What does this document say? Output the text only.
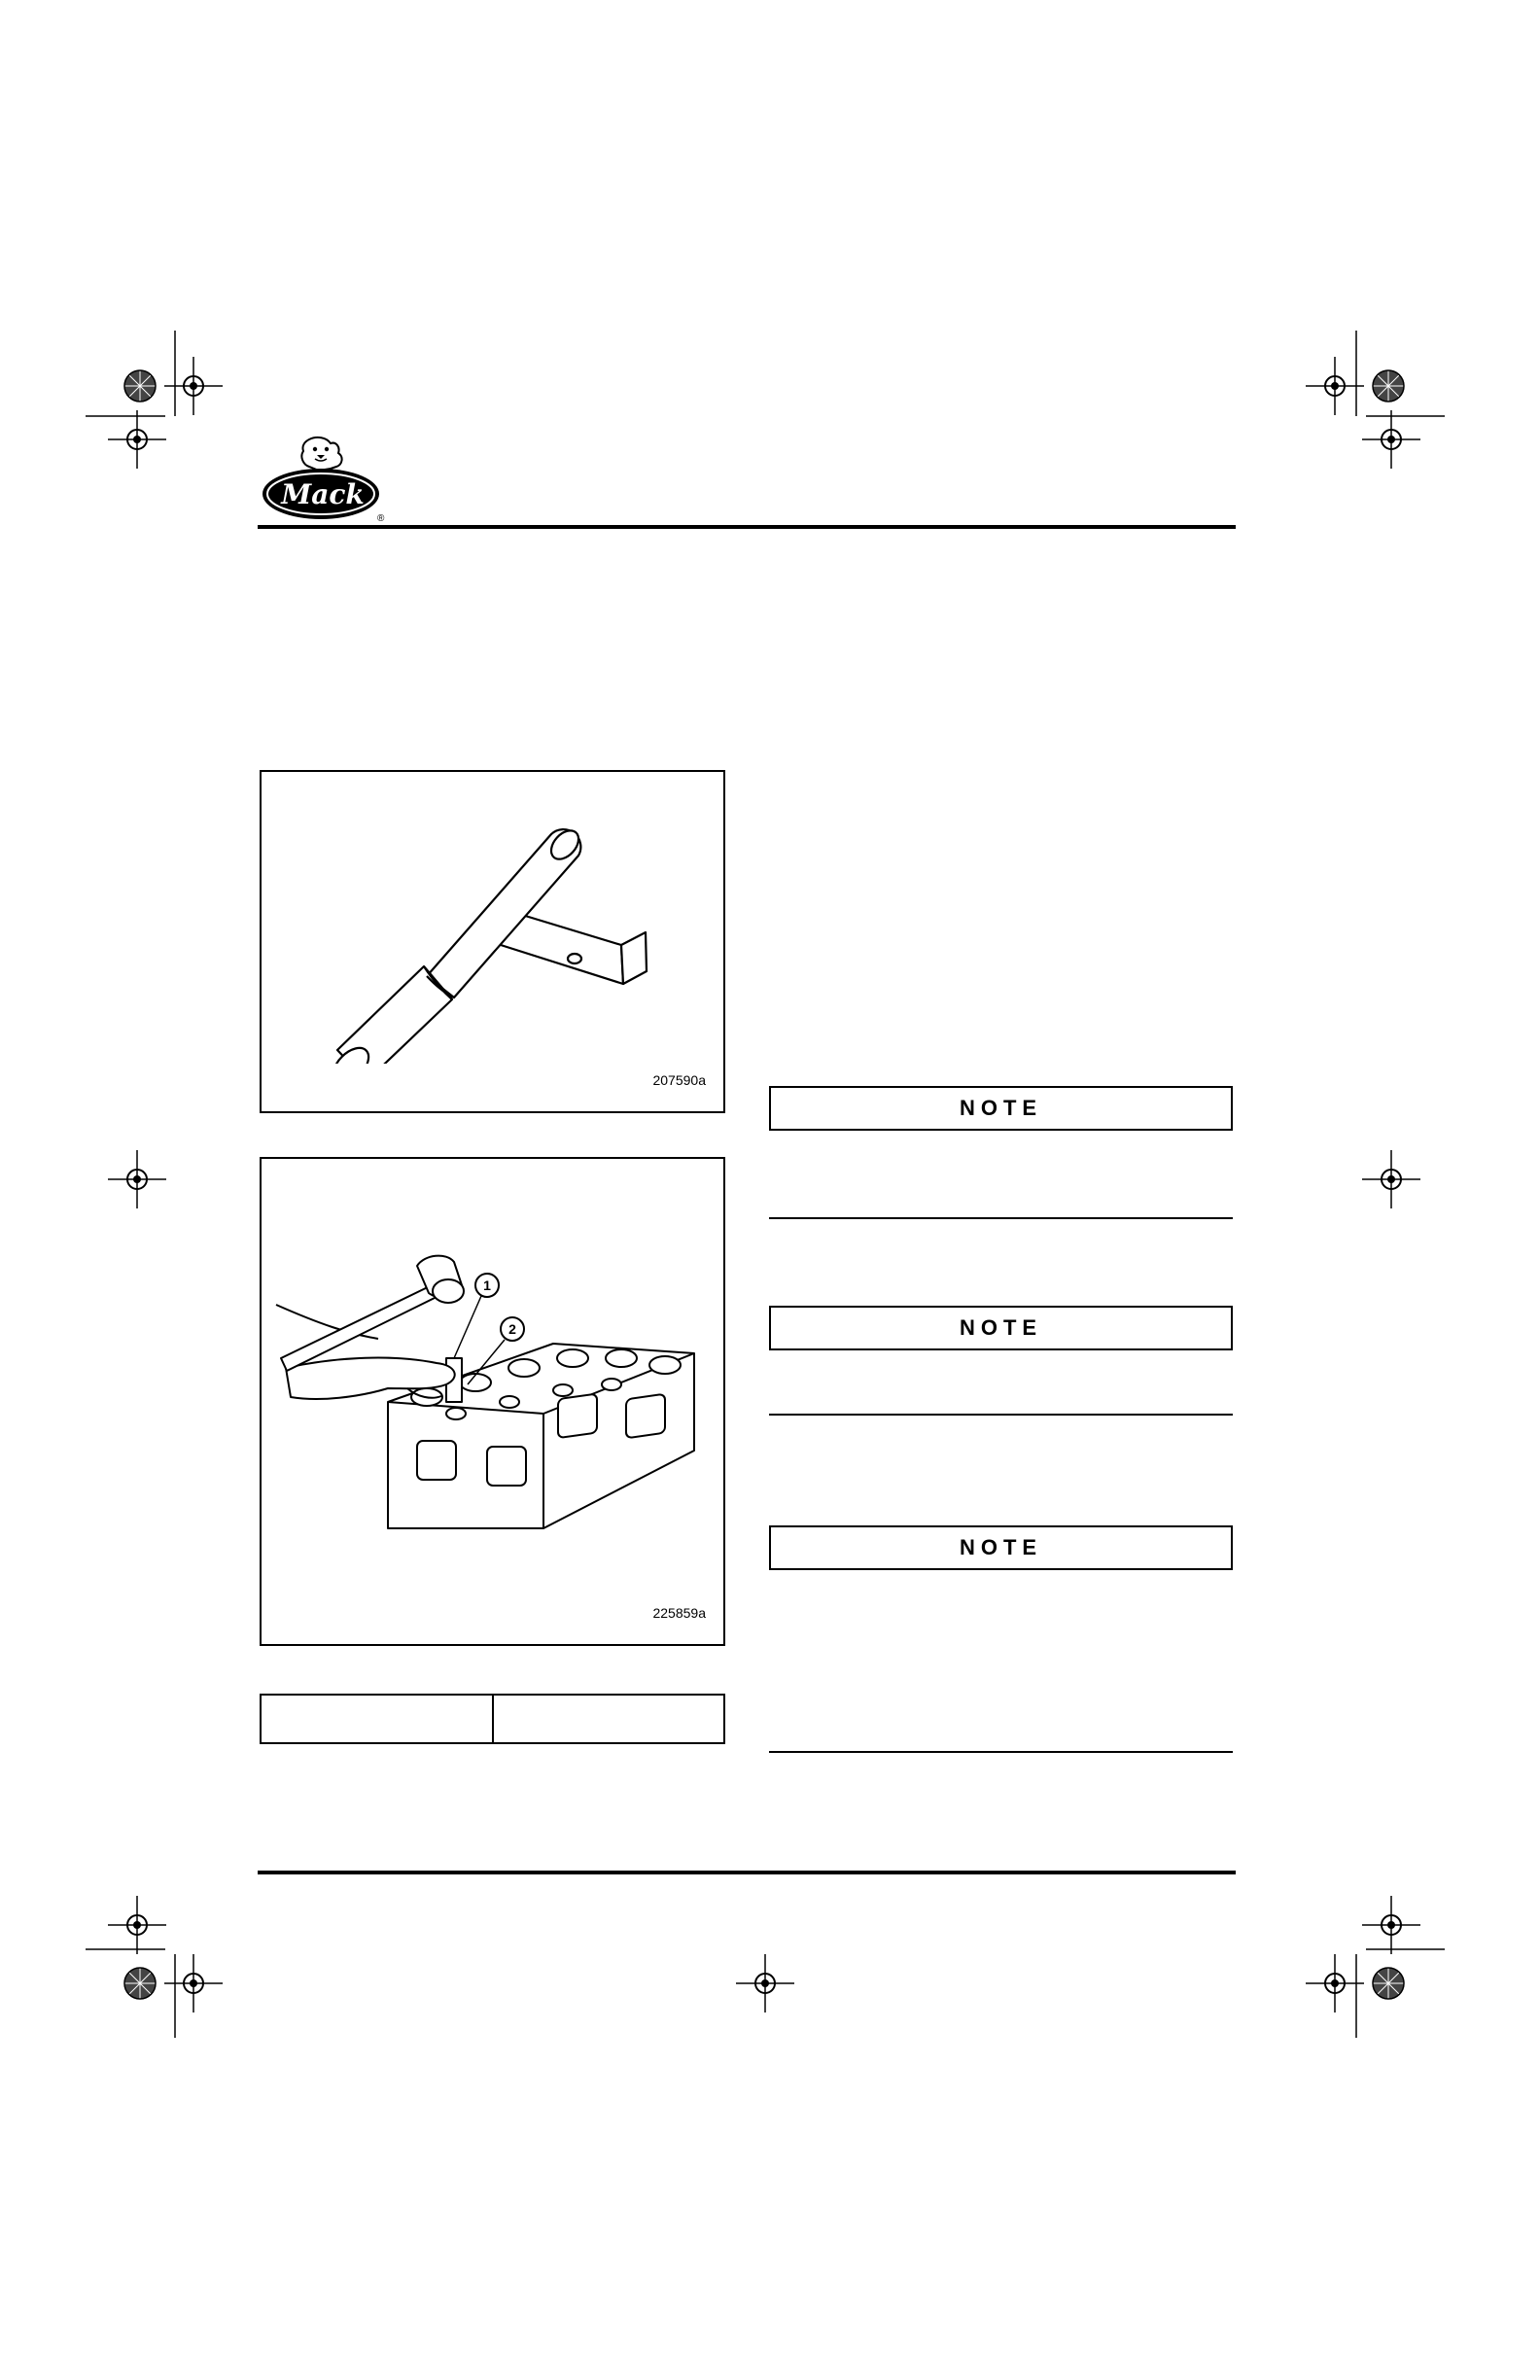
Mack
®
207590a
1
2
225859a
NOTE
NOTE
NOTE
